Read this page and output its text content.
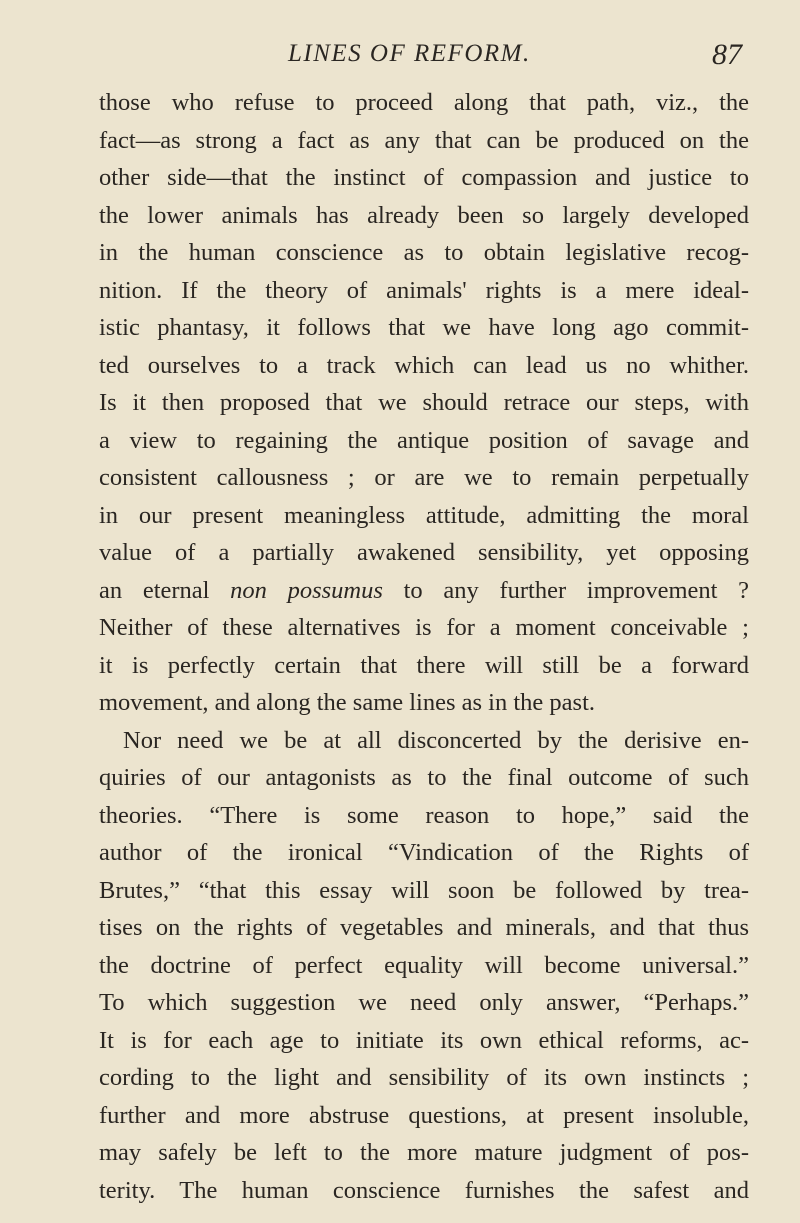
LINES OF REFORM.	87
those who refuse to proceed along that path, viz., the
fact—as strong a fact as any that can be produced on the
other side—that the instinct of compassion and justice to
the lower animals has already been so largely developed
in the human conscience as to obtain legislative recog-
nition. If the theory of animals' rights is a mere ideal-
istic phantasy, it follows that we have long ago commit-
ted ourselves to a track which can lead us no whither.
Is it then proposed that we should retrace our steps, with
a view to regaining the antique position of savage and
consistent callousness ; or are we to remain perpetually
in our present meaningless attitude, admitting the moral
value of a partially awakened sensibility, yet opposing
an eternal non possumus to any further improvement ?
Neither of these alternatives is for a moment conceivable ;
it is perfectly certain that there will still be a forward
movement, and along the same lines as in the past.
Nor need we be at all disconcerted by the derisive en-
quiries of our antagonists as to the final outcome of such
theories. “There is some reason to hope,” said the
author of the ironical “Vindication of the Rights of
Brutes,” “that this essay will soon be followed by trea-
tises on the rights of vegetables and minerals, and that thus
the doctrine of perfect equality will become universal.”
To which suggestion we need only answer, “Perhaps.”
It is for each age to initiate its own ethical reforms, ac-
cording to the light and sensibility of its own instincts ;
further and more abstruse questions, at present insoluble,
may safely be left to the more mature judgment of pos-
terity. The human conscience furnishes the safest and
